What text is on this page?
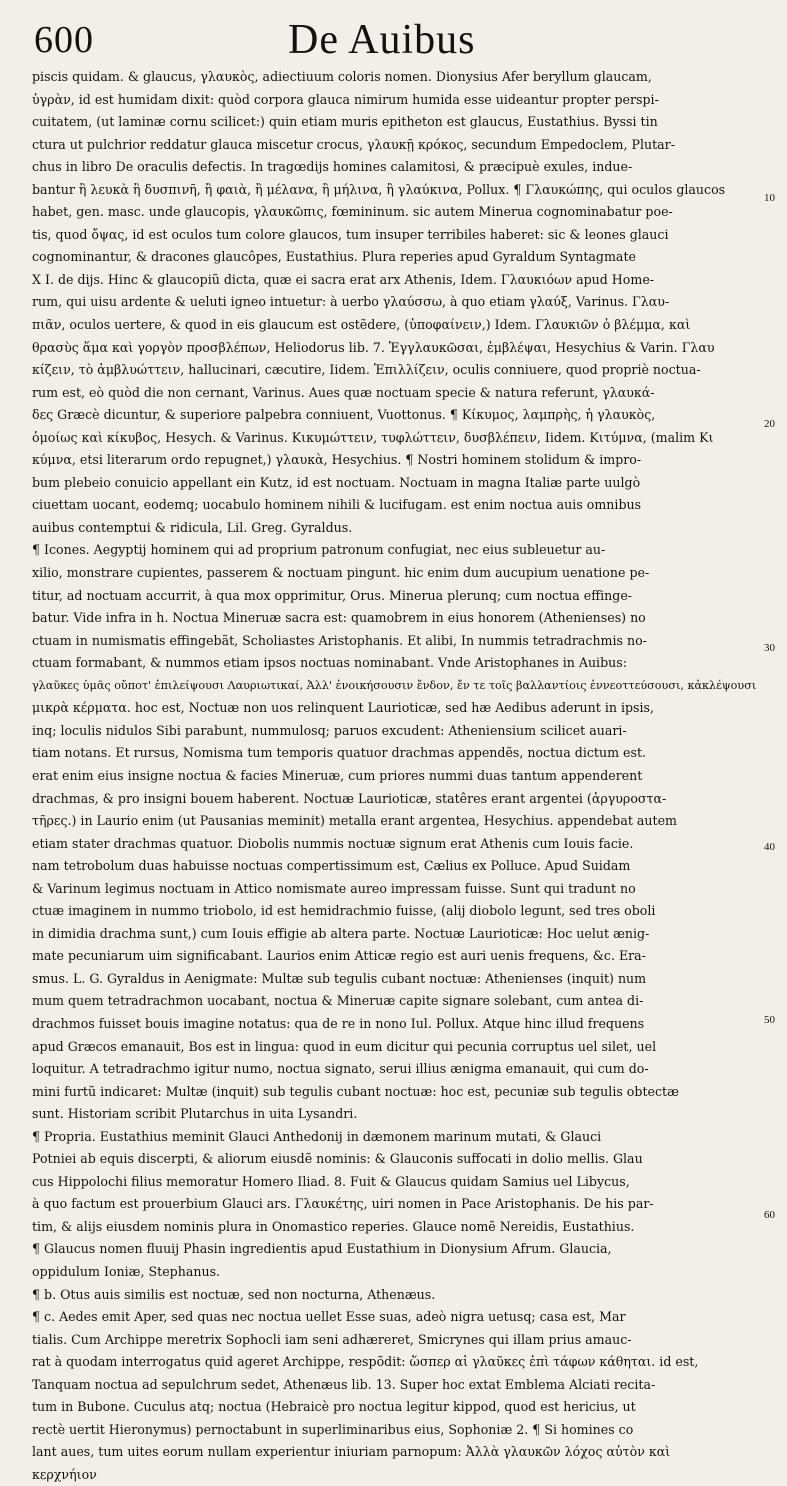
600	De Auibus
piscis quidam. & glaucus, γλαυκὸς, adiectiuum coloris nomen. Dionysius Afer beryllum glaucam,
ὑγρὰν, id est humidam dixit: quòd corpora glauca nimirum humida esse uideantur propter perspi-
cuitatem, (ut laminæ cornu scilicet:) quin etiam muris epitheton est glaucus, Eustathius. Byssi tin
ctura ut pulchrior reddatur glauca miscetur crocus, γλαυκῇ κρόκος, secundum Empedoclem, Plutar-
chus in libro De oraculis defectis. In tragœdijs homines calamitosi, & præcipuè exules, indue-
bantur ἢ λευκὰ ἢ δυσπινῆ, ἢ φαιὰ, ἢ μέλανα, ἢ μήλινα, ἢ γλαύκινα, Pollux. ¶ Γλαυκώπης, qui oculos glaucos
habet, gen. masc. unde glaucopis, γλαυκῶπις, fœmininum. sic autem Minerua cognominabatur poe-
tis, quod ὄψας, id est oculos tum colore glaucos, tum insuper terribiles haberet: sic & leones glauci
cognominantur, & dracones glaucôpes, Eustathius. Plura reperies apud Gyraldum Syntagmate
X I. de dijs. Hinc & glaucopiũ dicta, quæ ei sacra erat arx Athenis, Idem. Γλαυκιόων apud Home-
rum, qui uisu ardente & ueluti igneo intuetur: à uerbo γλαύσσω, à quo etiam γλαύξ, Varinus. Γλαυ-
πιᾶν, oculos uertere, & quod in eis glaucum est ostẽdere, (ὑποφαίνειν,) Idem. Γλαυκιῶν ὁ βλέμμα, καὶ
θρασὺς ἅμα καὶ γοργὸν προσβλέπων, Heliodorus lib. 7. Ἐγγλαυκῶσαι, ἐμβλέψαι, Hesychius & Varin. Γλαυ
κίζειν, τὸ ἀμβλυώττειν, hallucinari, cæcutire, Iidem. Ἐπιλλίζειν, oculis conniuere, quod propriè noctua-
rum est, eò quòd die non cernant, Varinus. Aues quæ noctuam specie & natura referunt, γλαυκά-
δες Græcè dicuntur, & superiore palpebra conniuent, Vuottonus. ¶ Κίκυμος, λαμπρὴς, ἡ γλαυκὸς,
ὁμοίως καὶ κίκυβος, Hesych. & Varinus. Κικυμώττειν, τυφλώττειν, δυσβλέπειν, Iidem. Κιτύμνα, (malim Κι
κύμνα, etsi literarum ordo repugnet,) γλαυκὰ, Hesychius. ¶ Nostri hominem stolidum & impro-
bum plebeio conuicio appellant ein Kutz, id est noctuam. Noctuam in magna Italiæ parte uulgò
ciuettam uocant, eodemq; uocabulo hominem nihili & lucifugam. est enim noctua auis omnibus
auibus contemptui & ridicula, Lil. Greg. Gyraldus.
¶ Icones. Aegyptij hominem qui ad proprium patronum confugiat, nec eius subleuetur au-
xilio, monstrare cupientes, passerem & noctuam pingunt. hic enim dum aucupium uenatione pe-
titur, ad noctuam accurrit, à qua mox opprimitur, Orus. Minerua plerunq; cum noctua effinge-
batur. Vide infra in h. Noctua Mineruæ sacra est: quamobrem in eius honorem (Athenienses) no
ctuam in numismatis effingebãt, Scholiastes Aristophanis. Et alibi, In nummis tetradrachmis no-
ctuam formabant, & nummos etiam ipsos noctuas nominabant. Vnde Aristophanes in Auibus:
γλαῦκες ὑμᾶς οὔποτ' ἐπιλείψουσι Λαυριωτικαί, Ἀλλ' ἐνοικήσουσιν ἔνδον, ἔν τε τοῖς βαλλαντίοις ἐννεοττεύσουσι, κἀκλέψουσι
μικρὰ κέρματα. hoc est, Noctuæ non uos relinquent Laurioticæ, sed hæ Aedibus aderunt in ipsis,
inq; loculis nidulos Sibi parabunt, nummulosq; paruos excudent: Atheniensium scilicet auari-
tiam notans. Et rursus, Nomisma tum temporis quatuor drachmas appendẽs, noctua dictum est.
erat enim eius insigne noctua & facies Mineruæ, cum priores nummi duas tantum appenderent
drachmas, & pro insigni bouem haberent. Noctuæ Laurioticæ, statêres erant argentei (ἀργυροστα-
τῆρες.) in Laurio enim (ut Pausanias meminit) metalla erant argentea, Hesychius. appendebat autem
etiam stater drachmas quatuor. Diobolis nummis noctuæ signum erat Athenis cum Iouis facie.
nam tetrobolum duas habuisse noctuas compertissimum est, Cælius ex Polluce. Apud Suidam
& Varinum legimus noctuam in Attico nomismate aureo impressam fuisse. Sunt qui tradunt no
ctuæ imaginem in nummo triobolo, id est hemidrachmio fuisse, (alij diobolo legunt, sed tres oboli
in dimidia drachma sunt,) cum Iouis effigie ab altera parte. Noctuæ Laurioticæ: Hoc uelut ænig-
mate pecuniarum uim significabant. Laurios enim Atticæ regio est auri uenis frequens, &c. Era-
smus. L. G. Gyraldus in Aenigmate: Multæ sub tegulis cubant noctuæ: Athenienses (inquit) num
mum quem tetradrachmon uocabant, noctua & Mineruæ capite signare solebant, cum antea di-
drachmos fuisset bouis imagine notatus: qua de re in nono Iul. Pollux. Atque hinc illud frequens
apud Græcos emanauit, Bos est in lingua: quod in eum dicitur qui pecunia corruptus uel silet, uel
loquitur. A tetradrachmo igitur numo, noctua signato, serui illius ænigma emanauit, qui cum do-
mini furtũ indicaret: Multæ (inquit) sub tegulis cubant noctuæ: hoc est, pecuniæ sub tegulis obtectæ
sunt. Historiam scribit Plutarchus in uita Lysandri.
¶ Propria. Eustathius meminit Glauci Anthedonij in dæmonem marinum mutati, & Glauci
Potniei ab equis discerpti, & aliorum eiusdẽ nominis: & Glauconis suffocati in dolio mellis. Glau
cus Hippolochi filius memoratur Homero Iliad. 8. Fuit & Glaucus quidam Samius uel Libycus,
à quo factum est prouerbium Glauci ars. Γλαυκέτης, uiri nomen in Pace Aristophanis. De his par-
tim, & alijs eiusdem nominis plura in Onomastico reperies. Glauce nomẽ Nereidis, Eustathius.
¶ Glaucus nomen fluuij Phasin ingredientis apud Eustathium in Dionysium Afrum. Glaucia,
oppidulum Ioniæ, Stephanus.
¶ b. Otus auis similis est noctuæ, sed non nocturna, Athenæus.
¶ c. Aedes emit Aper, sed quas nec noctua uellet Esse suas, adeò nigra uetusq; casa est, Mar
tialis. Cum Archippe meretrix Sophocli iam seni adhæreret, Smicrynes qui illam prius amauc-
rat à quodam interrogatus quid ageret Archippe, respõdit: ὥσπερ αἱ γλαῦκες ἐπὶ τάφων κάθηται. id est,
Tanquam noctua ad sepulchrum sedet, Athenæus lib. 13. Super hoc extat Emblema Alciati recita-
tum in Bubone. Cuculus atq; noctua (Hebraicè pro noctua legitur kippod, quod est hericius, ut
rectè uertit Hieronymus) pernoctabunt in superliminaribus eius, Sophoniæ 2. ¶ Si homines co
lant aues, tum uites eorum nullam experientur iniuriam parnopum: Ἀλλὰ γλαυκῶν λόχος αὐτὸν καὶ
κερχνήιον
10
20
30
40
50
60
